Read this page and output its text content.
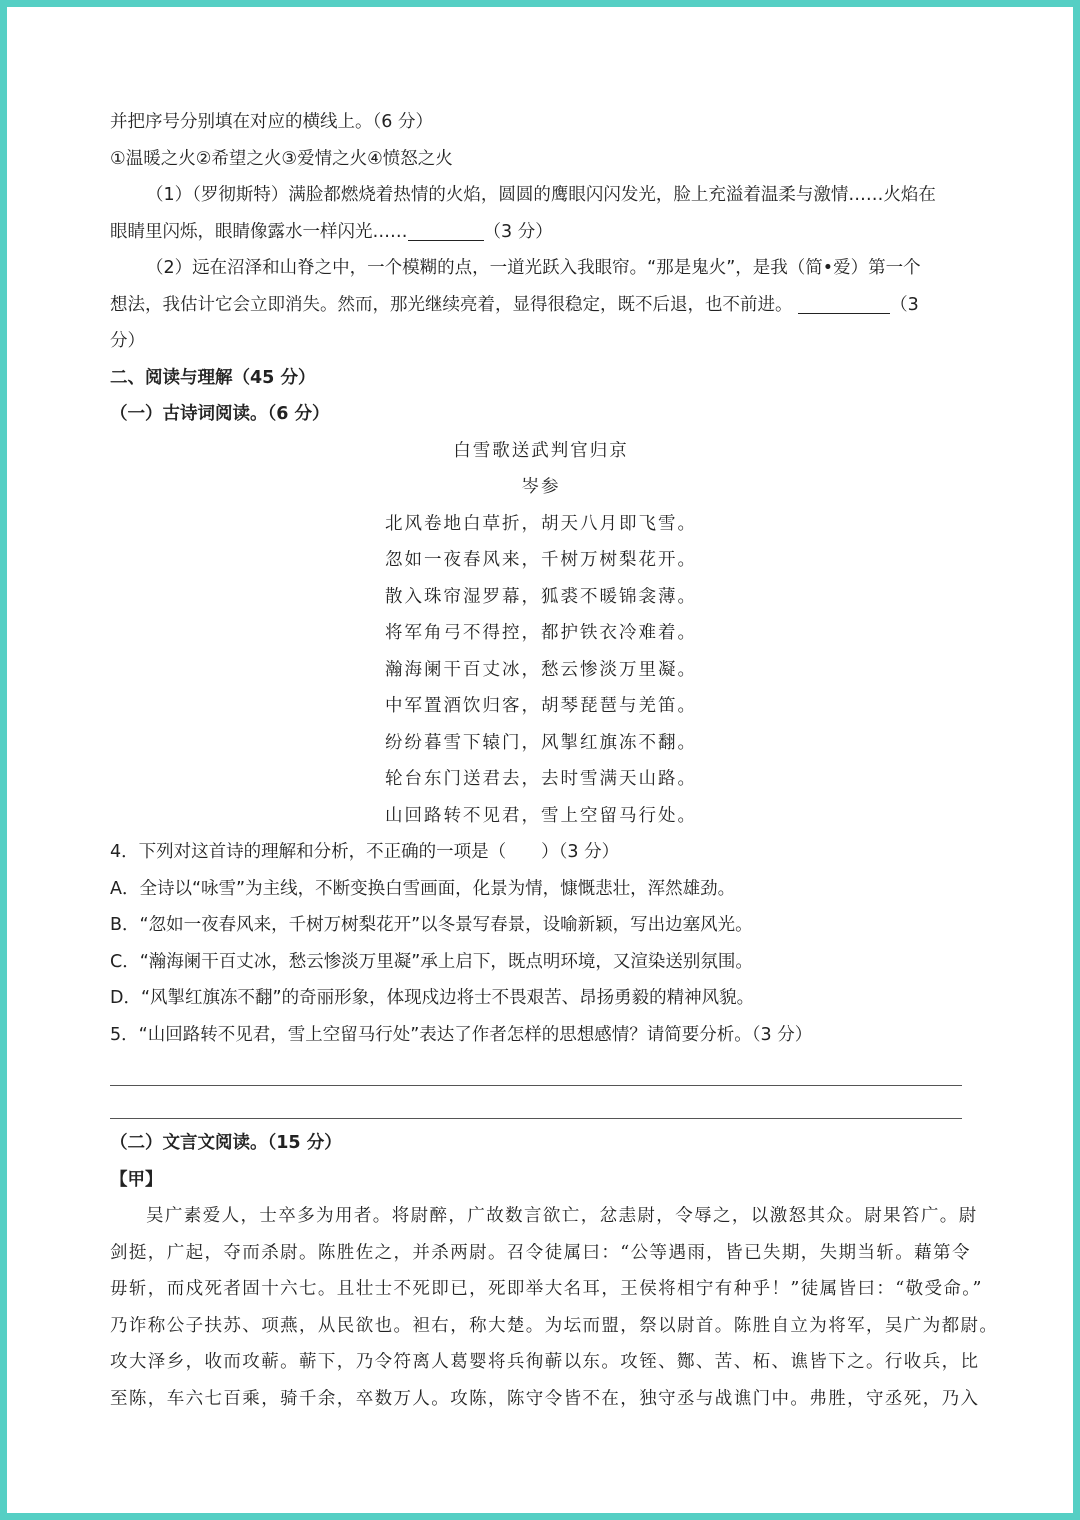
并把序号分别填在对应的横线上。（6 分）
①温暖之火②希望之火③爱情之火④愤怒之火
（1）（罗彻斯特）满脸都燃烧着热情的火焰，圆圆的鹰眼闪闪发光，脸上充溢着温柔与激情……火焰在
眼睛里闪烁，眼睛像露水一样闪光……	（3 分）
（2）远在沼泽和山脊之中，一个模糊的点，一道光跃入我眼帘。“那是鬼火”，是我（简•爱）第一个
想法，我估计它会立即消失。然而，那光继续亮着，显得很稳定，既不后退，也不前进。	（3
分）
二、阅读与理解（45 分）
（一）古诗词阅读。（6 分）
白雪歌送武判官归京
岑参
北风卷地白草折，胡天八月即飞雪。
忽如一夜春风来，千树万树梨花开。
散入珠帘湿罗幕，狐裘不暖锦衾薄。
将军角弓不得控，都护铁衣冷难着。
瀚海阑干百丈冰，愁云惨淡万里凝。
中军置酒饮归客，胡琴琵琶与羌笛。
纷纷暮雪下辕门，风掣红旗冻不翻。
轮台东门送君去，去时雪满天山路。
山回路转不见君，雪上空留马行处。
4．下列对这首诗的理解和分析，不正确的一项是（　　）（3 分）
A．全诗以“咏雪”为主线，不断变换白雪画面，化景为情，慷慨悲壮，浑然雄劲。
B．“忽如一夜春风来，千树万树梨花开”以冬景写春景，设喻新颖，写出边塞风光。
C．“瀚海阑干百丈冰，愁云惨淡万里凝”承上启下，既点明环境，又渲染送别氛围。
D．“风掣红旗冻不翻”的奇丽形象，体现戍边将士不畏艰苦、昂扬勇毅的精神风貌。
5．“山回路转不见君，雪上空留马行处”表达了作者怎样的思想感情？请简要分析。（3 分）
（二）文言文阅读。（15 分）
【甲】
吴广素爱人，士卒多为用者。将尉醉，广故数言欲亡，忿恚尉，令辱之，以激怒其众。尉果笞广。尉
剑挺，广起，夺而杀尉。陈胜佐之，并杀两尉。召令徒属曰：“公等遇雨，皆已失期，失期当斩。藉第令
毋斩，而戍死者固十六七。且壮士不死即已，死即举大名耳，王侯将相宁有种乎！”徒属皆曰：“敬受命。”
乃诈称公子扶苏、项燕，从民欲也。袒右，称大楚。为坛而盟，祭以尉首。陈胜自立为将军，吴广为都尉。
攻大泽乡，收而攻蕲。蕲下，乃令符离人葛婴将兵徇蕲以东。攻铚、酂、苦、柘、谯皆下之。行收兵，比
至陈，车六七百乘，骑千余，卒数万人。攻陈，陈守令皆不在，独守丞与战谯门中。弗胜，守丞死，乃入
